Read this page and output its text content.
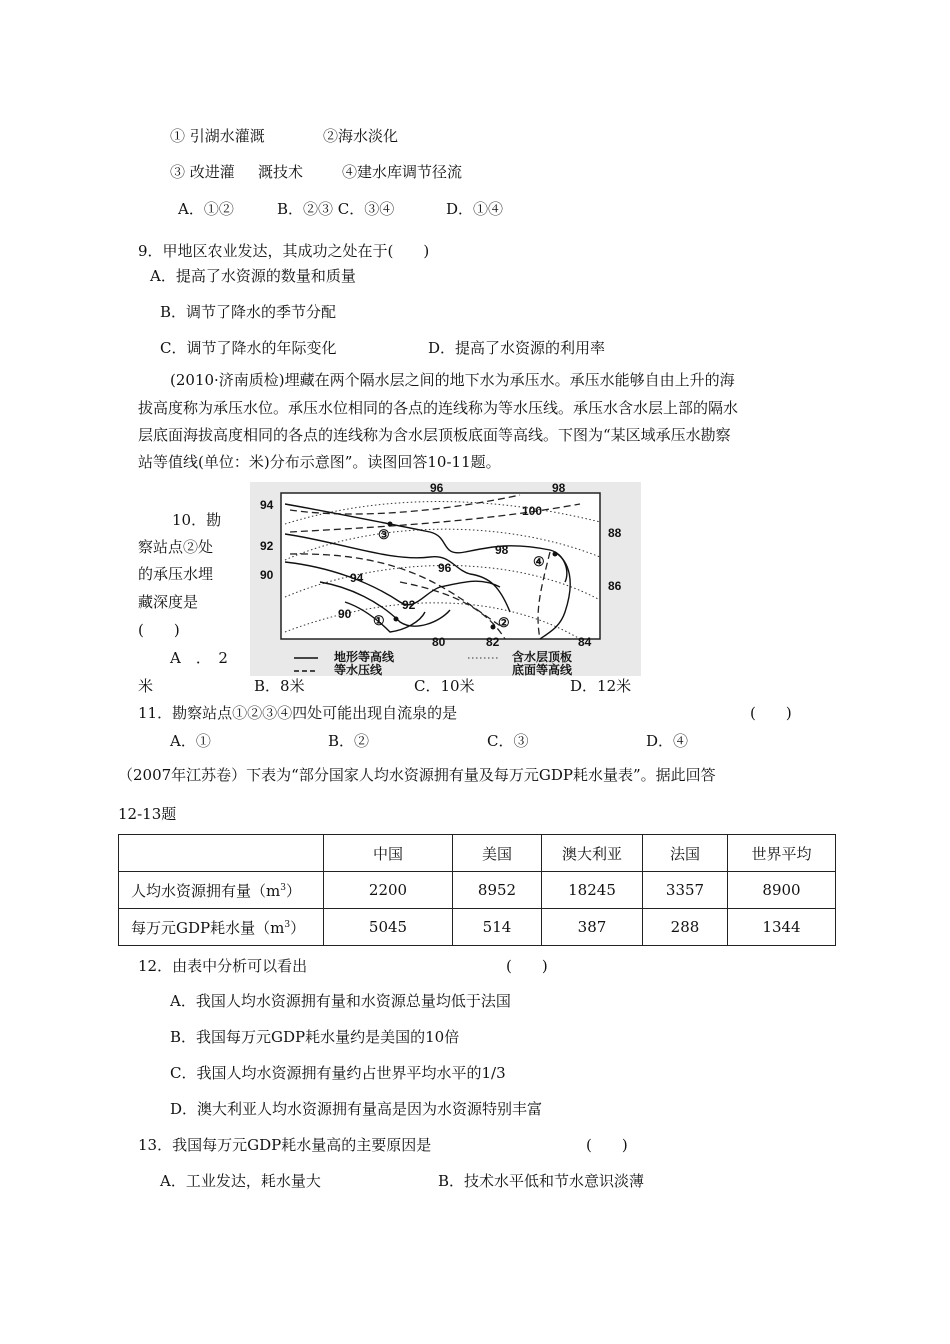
① 引湖水灌溉	②海水淡化
③ 改进灌 溉技术	④建水库调节径流
A．①②	B．②③ C．③④	D．①④
9．甲地区农业发达，其成功之处在于(　　)
A．提高了水资源的数量和质量
B．调节了降水的季节分配
C．调节了降水的年际变化	D．提高了水资源的利用率
(2010·济南质检)埋藏在两个隔水层之间的地下水为承压水。承压水能够自由上升的海
拔高度称为承压水位。承压水位相同的各点的连线称为等水压线。承压水含水层上部的隔水
层底面海拔高度相同的各点的连线称为含水层顶板底面等高线。下图为“某区域承压水勘察
站等值线(单位：米)分布示意图”。读图回答10-11题。
10．勘
察站点②处
的承压水埋
藏深度是
(　　)
A　．　2
米	B．8米	C．10米	D．12米
94
96	98
100
88
92	98
96
90
86
94
92
90
80	82	84
③
①	②
④
地形等高线
等水压线
含水层顶板
底面等高线
11．勘察站点①②③④四处可能出现自流泉的是	(　　)
A．①	B．②	C．③	D．④
（2007年江苏卷）下表为“部分国家人均水资源拥有量及每万元GDP耗水量表”。据此回答
12-13题
	中国	美国	澳大利亚	法国	世界平均
人均水资源拥有量$(m^3)$	2200	8952	18245	3357	8900
每万元GDP耗水量$(m^3)$	5045	514	387	288	1344
12．由表中分析可以看出	(　　)
A．我国人均水资源拥有量和水资源总量均低于法国
B．我国每万元GDP耗水量约是美国的10倍
C．我国人均水资源拥有量约占世界平均水平的1/3
D．澳大利亚人均水资源拥有量高是因为水资源特别丰富
13．我国每万元GDP耗水量高的主要原因是	(　　)
A．工业发达，耗水量大	B．技术水平低和节水意识淡薄
